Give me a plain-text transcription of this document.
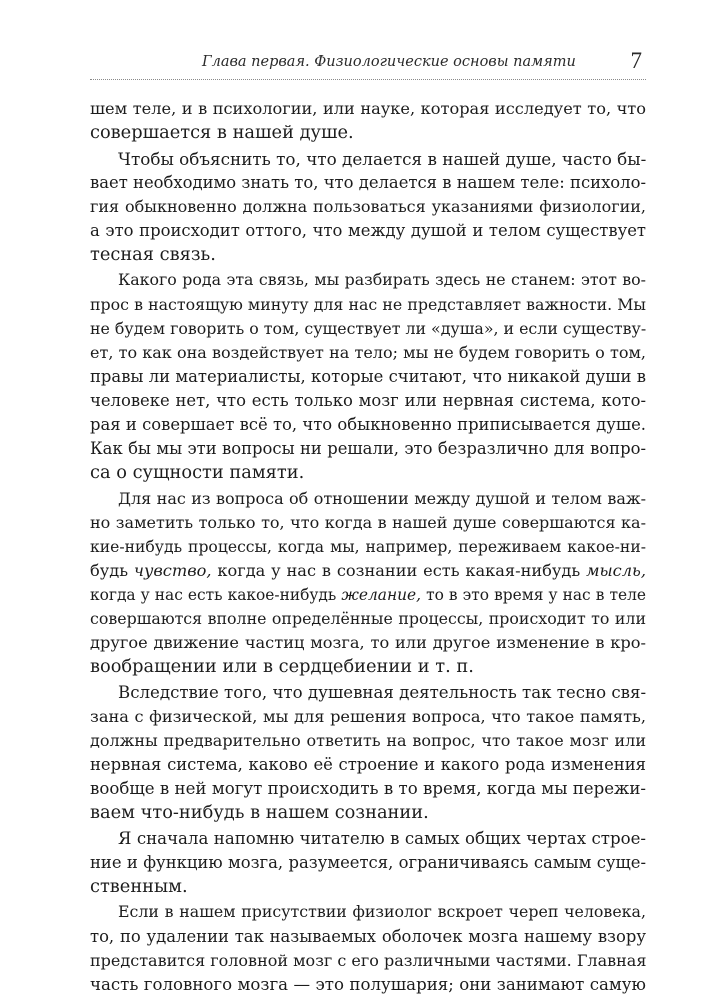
Глава первая. Физиологические основы памяти 7
шем теле, и в психологии, или науке, которая исследует то, что
совершается в нашей душе.
Чтобы объяснить то, что делается в нашей душе, часто бы-
вает необходимо знать то, что делается в нашем теле: психоло-
гия обыкновенно должна пользоваться указаниями физиологии,
а это происходит оттого, что между душой и телом существует
тесная связь.
Какого рода эта связь, мы разбирать здесь не станем: этот во-
прос в настоящую минуту для нас не представляет важности. Мы
не будем говорить о том, существует ли «душа», и если существу-
ет, то как она воздействует на тело; мы не будем говорить о том,
правы ли материалисты, которые считают, что никакой души в
человеке нет, что есть только мозг или нервная система, кото-
рая и совершает всё то, что обыкновенно приписывается душе.
Как бы мы эти вопросы ни решали, это безразлично для вопро-
са о сущности памяти.
Для нас из вопроса об отношении между душой и телом важ-
но заметить только то, что когда в нашей душе совершаются ка-
кие-нибудь процессы, когда мы, например, переживаем какое-ни-
будь чувство, когда у нас в сознании есть какая-нибудь мысль,
когда у нас есть какое-нибудь желание, то в это время у нас в теле
совершаются вполне определённые процессы, происходит то или
другое движение частиц мозга, то или другое изменение в кро-
вообращении или в сердцебиении и т. п.
Вследствие того, что душевная деятельность так тесно свя-
зана с физической, мы для решения вопроса, что такое память,
должны предварительно ответить на вопрос, что такое мозг или
нервная система, каково её строение и какого рода изменения
вообще в ней могут происходить в то время, когда мы пережи-
ваем что-нибудь в нашем сознании.
Я сначала напомню читателю в самых общих чертах строе-
ние и функцию мозга, разумеется, ограничиваясь самым суще-
ственным.
Если в нашем присутствии физиолог вскроет череп человека,
то, по удалении так называемых оболочек мозга нашему взору
представится головной мозг с его различными частями. Главная
часть головного мозга — это полушария; они занимают самую
